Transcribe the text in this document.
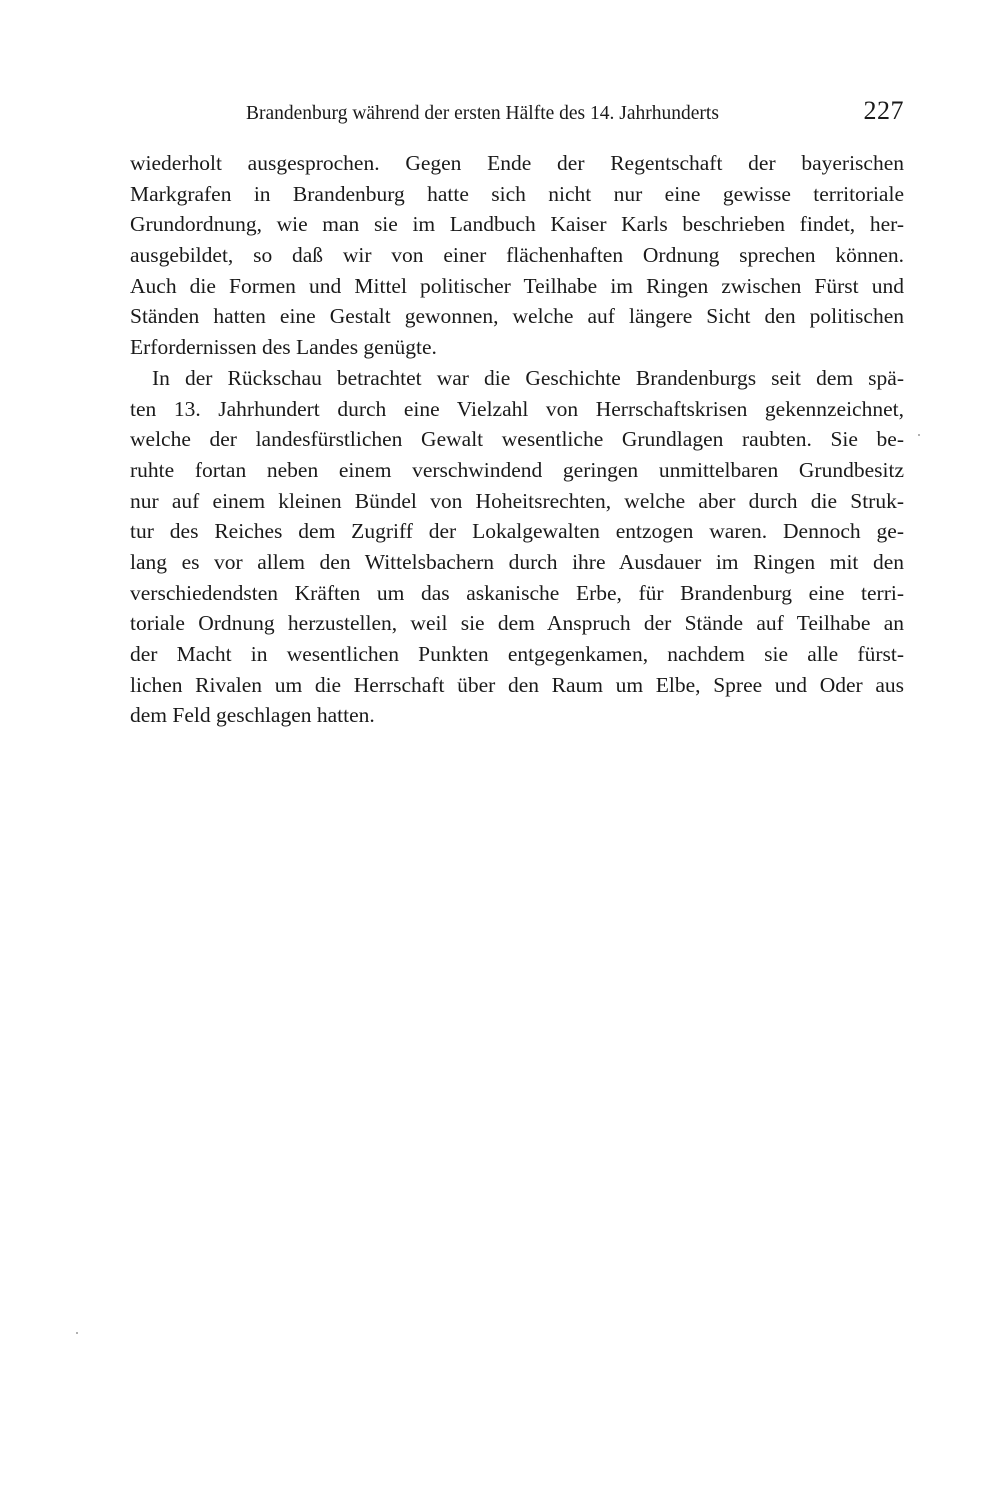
Brandenburg während der ersten Hälfte des 14. Jahrhunderts	227
wiederholt ausgesprochen. Gegen Ende der Regentschaft der bayerischen
Markgrafen in Brandenburg hatte sich nicht nur eine gewisse territoriale
Grundordnung, wie man sie im Landbuch Kaiser Karls beschrieben findet, her-
ausgebildet, so daß wir von einer flächenhaften Ordnung sprechen können.
Auch die Formen und Mittel politischer Teilhabe im Ringen zwischen Fürst und
Ständen hatten eine Gestalt gewonnen, welche auf längere Sicht den politischen
Erfordernissen des Landes genügte.
In der Rückschau betrachtet war die Geschichte Brandenburgs seit dem spä-
ten 13. Jahrhundert durch eine Vielzahl von Herrschaftskrisen gekennzeichnet,
welche der landesfürstlichen Gewalt wesentliche Grundlagen raubten. Sie be-
ruhte fortan neben einem verschwindend geringen unmittelbaren Grundbesitz
nur auf einem kleinen Bündel von Hoheitsrechten, welche aber durch die Struk-
tur des Reiches dem Zugriff der Lokalgewalten entzogen waren. Dennoch ge-
lang es vor allem den Wittelsbachern durch ihre Ausdauer im Ringen mit den
verschiedendsten Kräften um das askanische Erbe, für Brandenburg eine terri-
toriale Ordnung herzustellen, weil sie dem Anspruch der Stände auf Teilhabe an
der Macht in wesentlichen Punkten entgegenkamen, nachdem sie alle fürst-
lichen Rivalen um die Herrschaft über den Raum um Elbe, Spree und Oder aus
dem Feld geschlagen hatten.
